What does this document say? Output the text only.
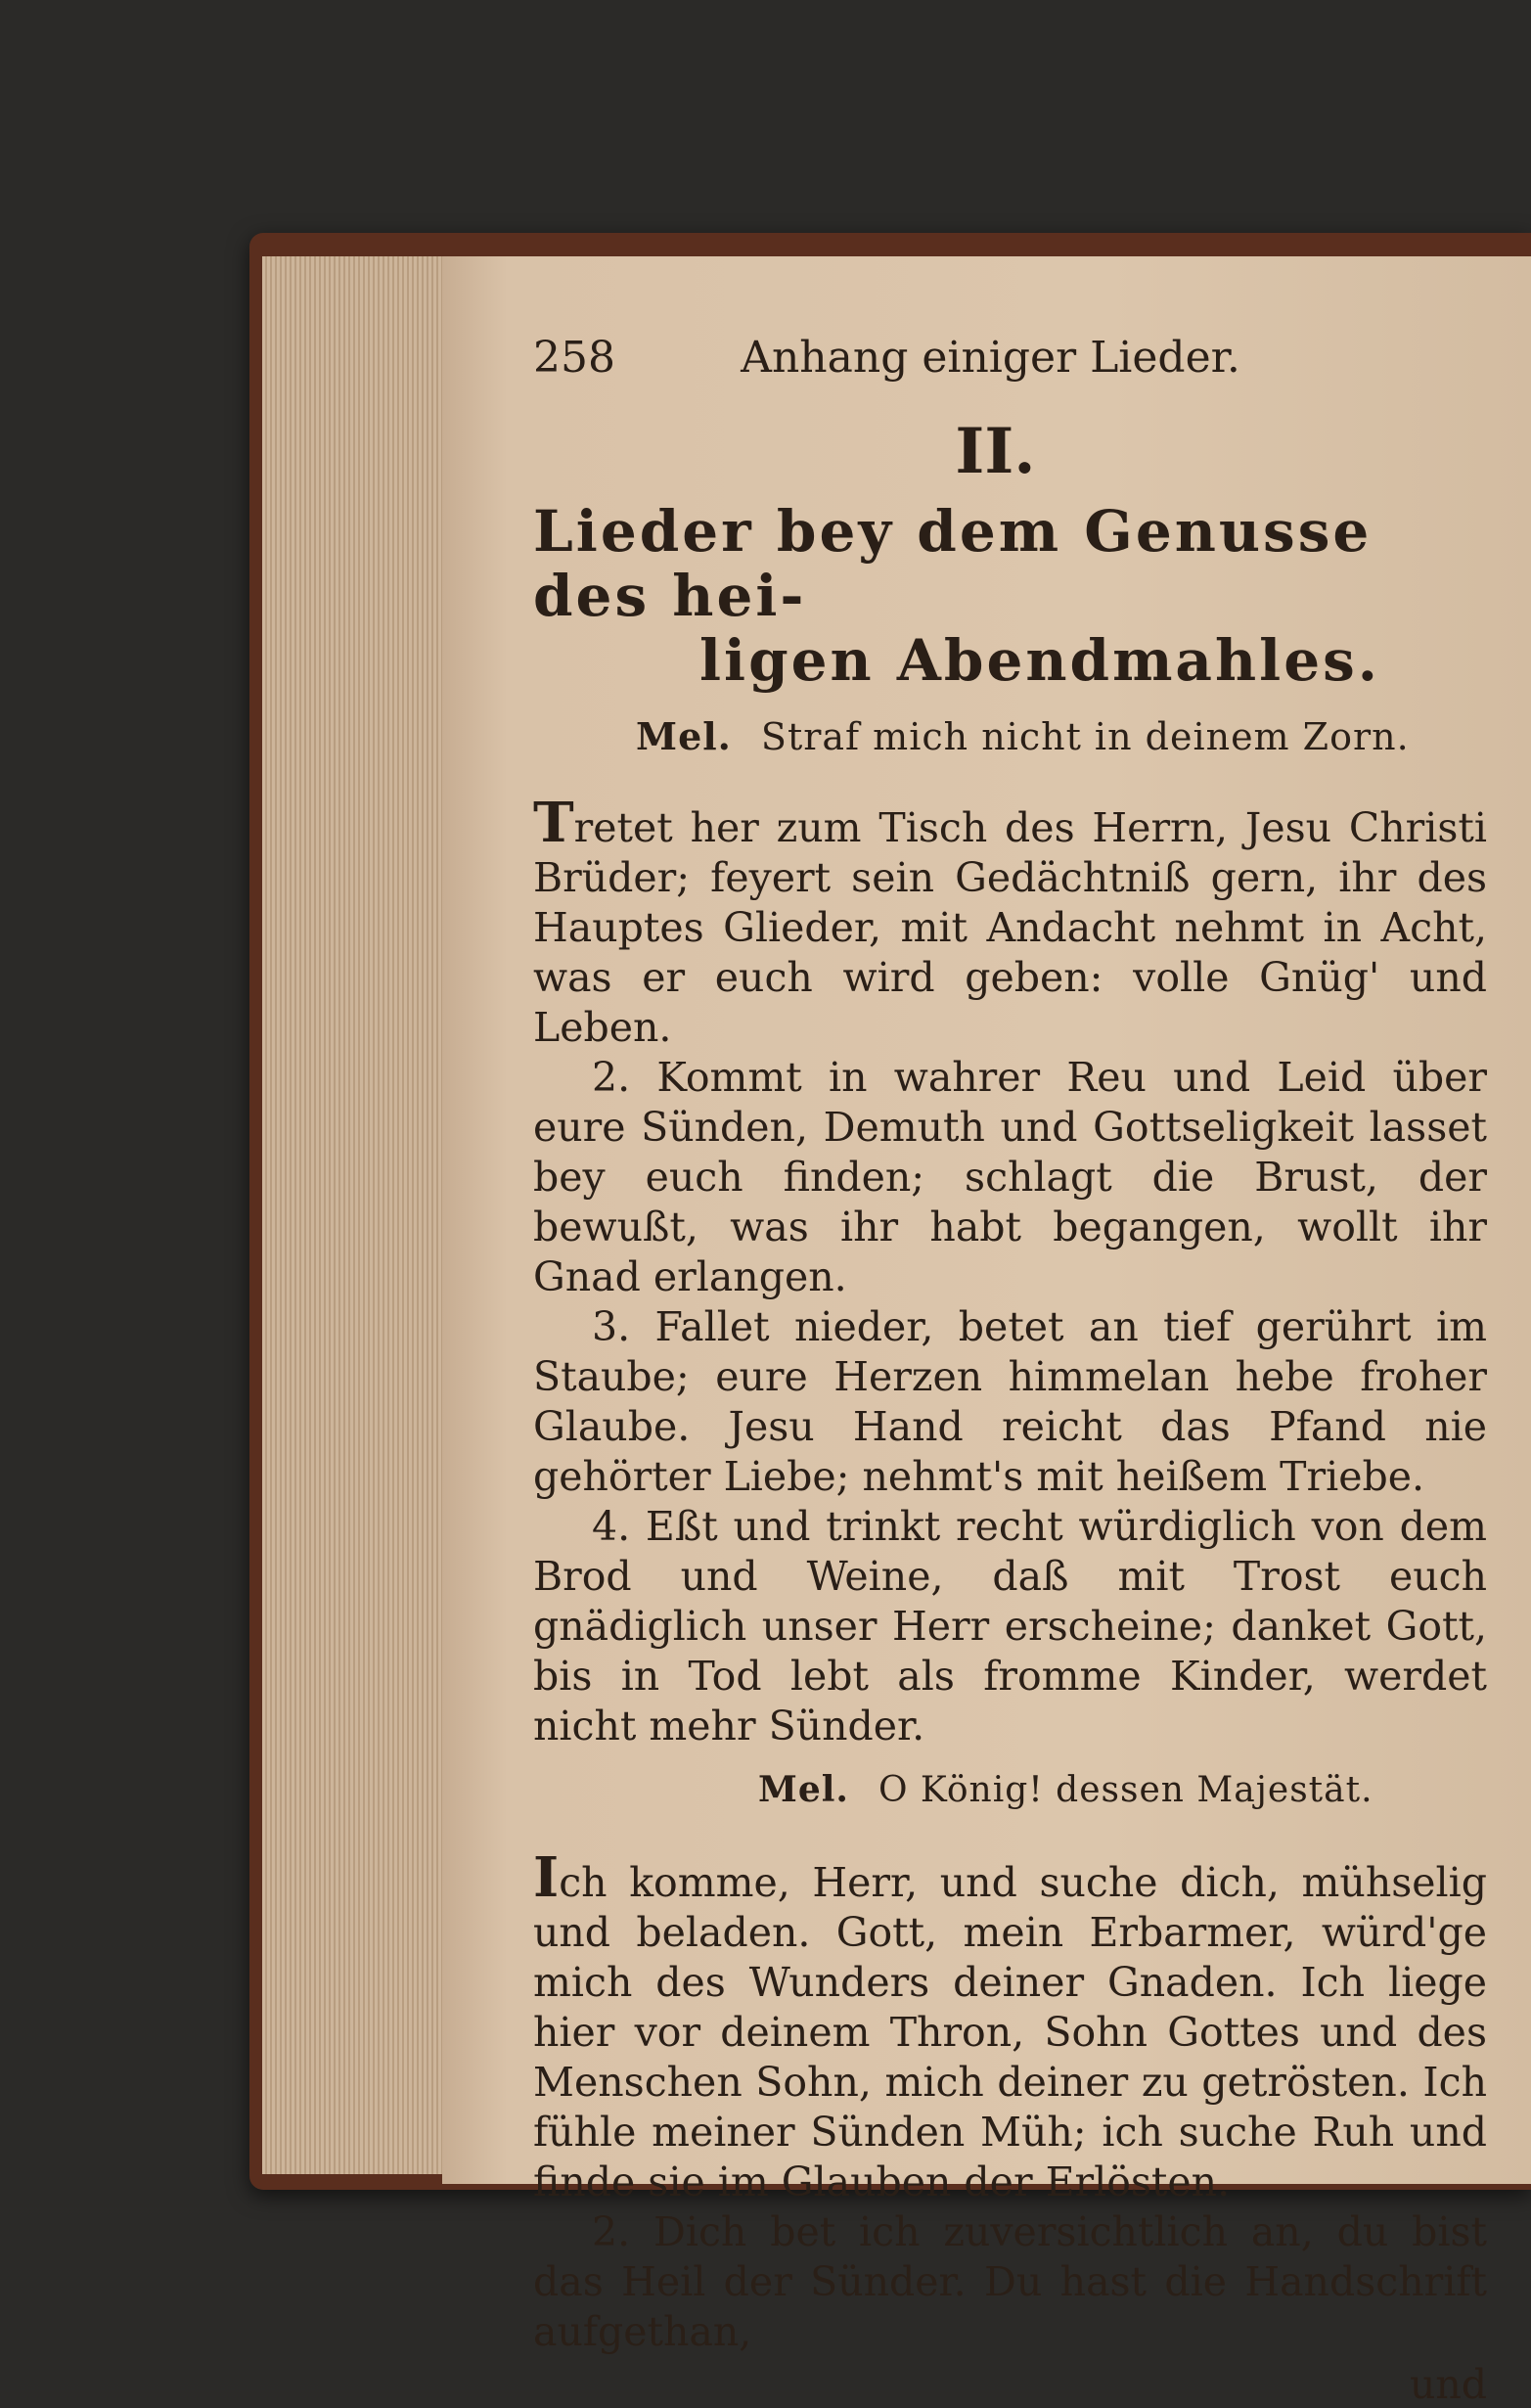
258	Anhang einiger Lieder.
II.
Lieder bey dem Genusse des hei-
ligen Abendmahles.
Mel. Straf mich nicht in deinem Zorn.

Tretet her zum Tisch des Herrn, Jesu Christi Brüder; feyert sein Gedächtniß gern, ihr des Hauptes Glieder, mit Andacht nehmt in Acht, was er euch wird geben: volle Gnüg' und Leben.

2. Kommt in wahrer Reu und Leid über eure Sünden, Demuth und Gottseligkeit lasset bey euch finden; schlagt die Brust, der bewußt, was ihr habt begangen, wollt ihr Gnad erlangen.

3. Fallet nieder, betet an tief gerührt im Staube; eure Herzen himmelan hebe froher Glaube. Jesu Hand reicht das Pfand nie gehörter Liebe; nehmt's mit heißem Triebe.

4. Eßt und trinkt recht würdiglich von dem Brod und Weine, daß mit Trost euch gnädiglich unser Herr erscheine; danket Gott, bis in Tod lebt als fromme Kinder, werdet nicht mehr Sünder.

Mel. O König! dessen Majestät.

Ich komme, Herr, und suche dich, mühselig und beladen. Gott, mein Erbarmer, würd'ge mich des Wunders deiner Gnaden. Ich liege hier vor deinem Thron, Sohn Gottes und des Menschen Sohn, mich deiner zu getrösten. Ich fühle meiner Sünden Müh; ich suche Ruh und finde sie im Glauben der Erlösten.

2. Dich bet ich zuversichtlich an, du bist das Heil der Sünder. Du hast die Handschrift aufgethan,

und
